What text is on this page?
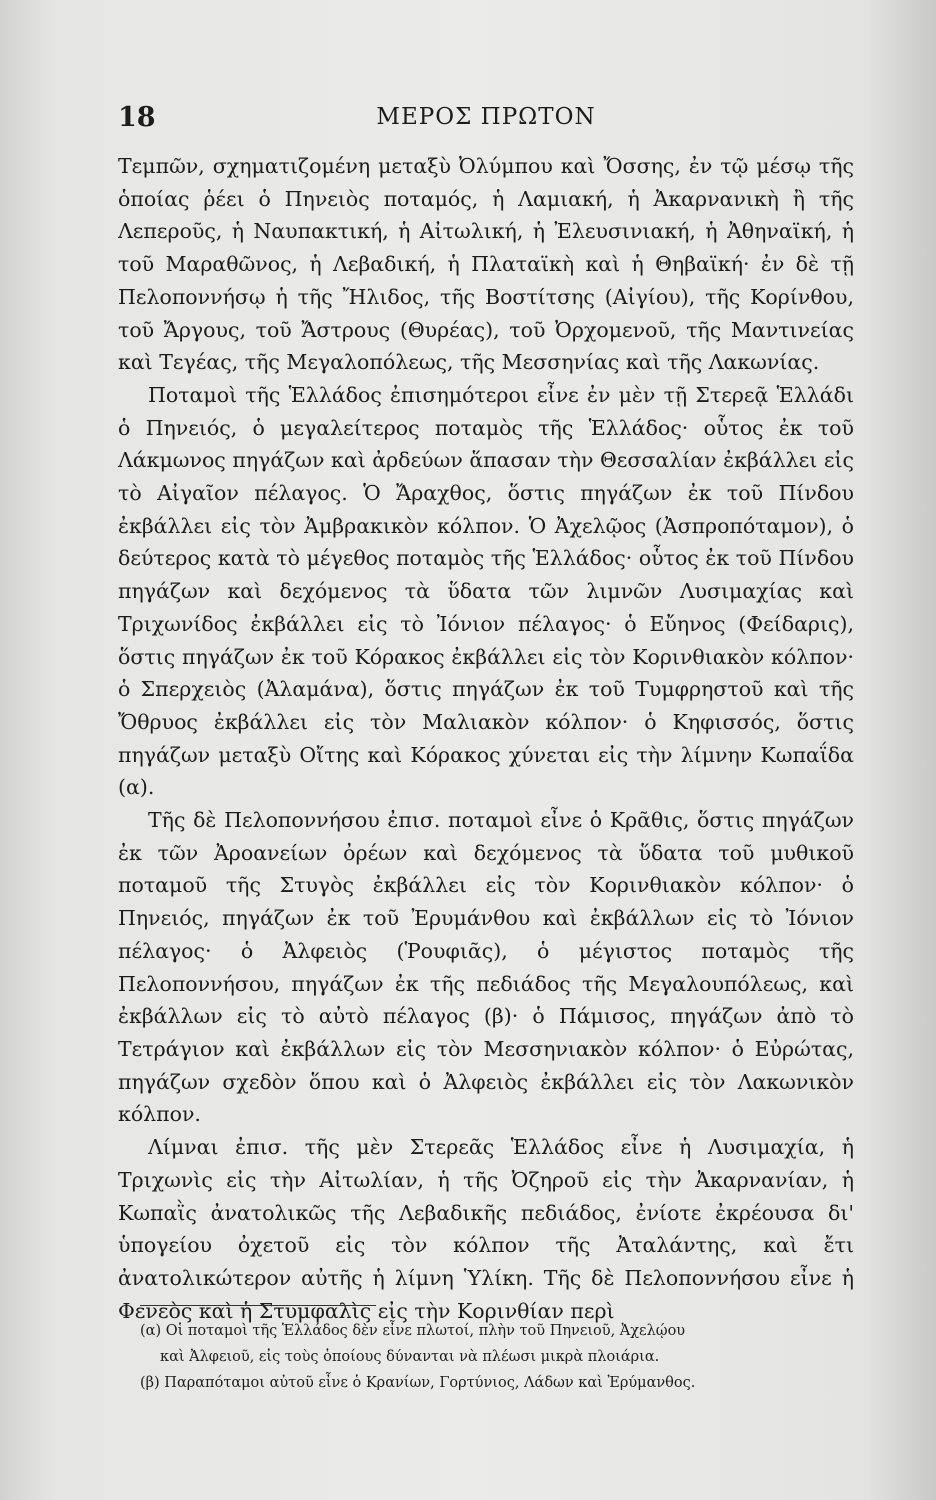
18	ΜΕΡΟΣ ΠΡΩΤΟΝ

Τεμπῶν, σχηματιζομένη μεταξὺ Ὀλύμπου καὶ Ὄσσης, ἐν τῷ μέσῳ τῆς ὁποίας ῥέει ὁ Πηνειὸς ποταμός, ἡ Λαμιακή, ἡ Ἀκαρνανικὴ ἢ τῆς Λεπεροῦς, ἡ Ναυπακτική, ἡ Αἰτωλική, ἡ Ἐλευσινιακή, ἡ Ἀθηναϊκή, ἡ τοῦ Μαραθῶνος, ἡ Λεβαδική, ἡ Πλαταϊκὴ καὶ ἡ Θηβαϊκή· ἐν δὲ τῇ Πελοποννήσῳ ἡ τῆς Ἤλιδος, τῆς Βοστίτσης (Αἰγίου), τῆς Κορίνθου, τοῦ Ἄργους, τοῦ Ἄστρους (Θυρέας), τοῦ Ὀρχομενοῦ, τῆς Μαντινείας καὶ Τεγέας, τῆς Μεγαλοπόλεως, τῆς Μεσσηνίας καὶ τῆς Λακωνίας.

Ποταμοὶ τῆς Ἑλλάδος ἐπισημότεροι εἶνε ἐν μὲν τῇ Στερεᾷ Ἑλλάδι ὁ Πηνειός, ὁ μεγαλείτερος ποταμὸς τῆς Ἑλλάδος· οὗτος ἐκ τοῦ Λάκμωνος πηγάζων καὶ ἀρδεύων ἅπασαν τὴν Θεσσαλίαν ἐκβάλλει εἰς τὸ Αἰγαῖον πέλαγος. Ὁ Ἄραχθος, ὅστις πηγάζων ἐκ τοῦ Πίνδου ἐκβάλλει εἰς τὸν Ἀμβρακικὸν κόλπον. Ὁ Ἀχελῷος (Ἀσπροπόταμον), ὁ δεύτερος κατὰ τὸ μέγεθος ποταμὸς τῆς Ἑλλάδος· οὗτος ἐκ τοῦ Πίνδου πηγάζων καὶ δεχόμενος τὰ ὕδατα τῶν λιμνῶν Λυσιμαχίας καὶ Τριχωνίδος ἐκβάλλει εἰς τὸ Ἰόνιον πέλαγος· ὁ Εὔηνος (Φείδαρις), ὅστις πηγάζων ἐκ τοῦ Κόρακος ἐκβάλλει εἰς τὸν Κορινθιακὸν κόλπον· ὁ Σπερχειὸς (Ἀλαμάνα), ὅστις πηγάζων ἐκ τοῦ Τυμφρηστοῦ καὶ τῆς Ὄθρυος ἐκβάλλει εἰς τὸν Μαλιακὸν κόλπον· ὁ Κηφισσός, ὅστις πηγάζων μεταξὺ Οἴτης καὶ Κόρακος χύνεται εἰς τὴν λίμνην Κωπαΐδα (α).

Τῆς δὲ Πελοποννήσου ἐπισ. ποταμοὶ εἶνε ὁ Κρᾶθις, ὅστις πηγάζων ἐκ τῶν Ἀροανείων ὀρέων καὶ δεχόμενος τὰ ὕδατα τοῦ μυθικοῦ ποταμοῦ τῆς Στυγὸς ἐκβάλλει εἰς τὸν Κορινθιακὸν κόλπον· ὁ Πηνειός, πηγάζων ἐκ τοῦ Ἐρυμάνθου καὶ ἐκβάλλων εἰς τὸ Ἰόνιον πέλαγος· ὁ Ἀλφειὸς (Ῥουφιᾶς), ὁ μέγιστος ποταμὸς τῆς Πελοποννήσου, πηγάζων ἐκ τῆς πεδιάδος τῆς Μεγαλουπόλεως, καὶ ἐκβάλλων εἰς τὸ αὐτὸ πέλαγος (β)· ὁ Πάμισος, πηγάζων ἀπὸ τὸ Τετράγιον καὶ ἐκβάλλων εἰς τὸν Μεσσηνιακὸν κόλπον· ὁ Εὐρώτας, πηγάζων σχεδὸν ὅπου καὶ ὁ Ἀλφειὸς ἐκβάλλει εἰς τὸν Λακωνικὸν κόλπον.

Λίμναι ἐπισ. τῆς μὲν Στερεᾶς Ἑλλάδος εἶνε ἡ Λυσιμαχία, ἡ Τριχωνὶς εἰς τὴν Αἰτωλίαν, ἡ τῆς Ὀζηροῦ εἰς τὴν Ἀκαρνανίαν, ἡ Κωπαῒς ἀνατολικῶς τῆς Λεβαδικῆς πεδιάδος, ἐνίοτε ἐκρέουσα δι' ὑπογείου ὀχετοῦ εἰς τὸν κόλπον τῆς Ἀταλάντης, καὶ ἔτι ἀνατολικώτερον αὐτῆς ἡ λίμνη Ὑλίκη. Τῆς δὲ Πελοποννήσου εἶνε ἡ Φενεὸς καὶ ἡ Στυμφαλὶς εἰς τὴν Κορινθίαν περὶ

(α) Οἱ ποταμοὶ τῆς Ἑλλάδος δὲν εἶνε πλωτοί, πλὴν τοῦ Πηνειοῦ, Ἀχελῴου

καὶ Ἀλφειοῦ, εἰς τοὺς ὁποίους δύνανται νὰ πλέωσι μικρὰ πλοιάρια.

(β) Παραπόταμοι αὐτοῦ εἶνε ὁ Κρανίων, Γορτύνιος, Λάδων καὶ Ἐρύμανθος.
